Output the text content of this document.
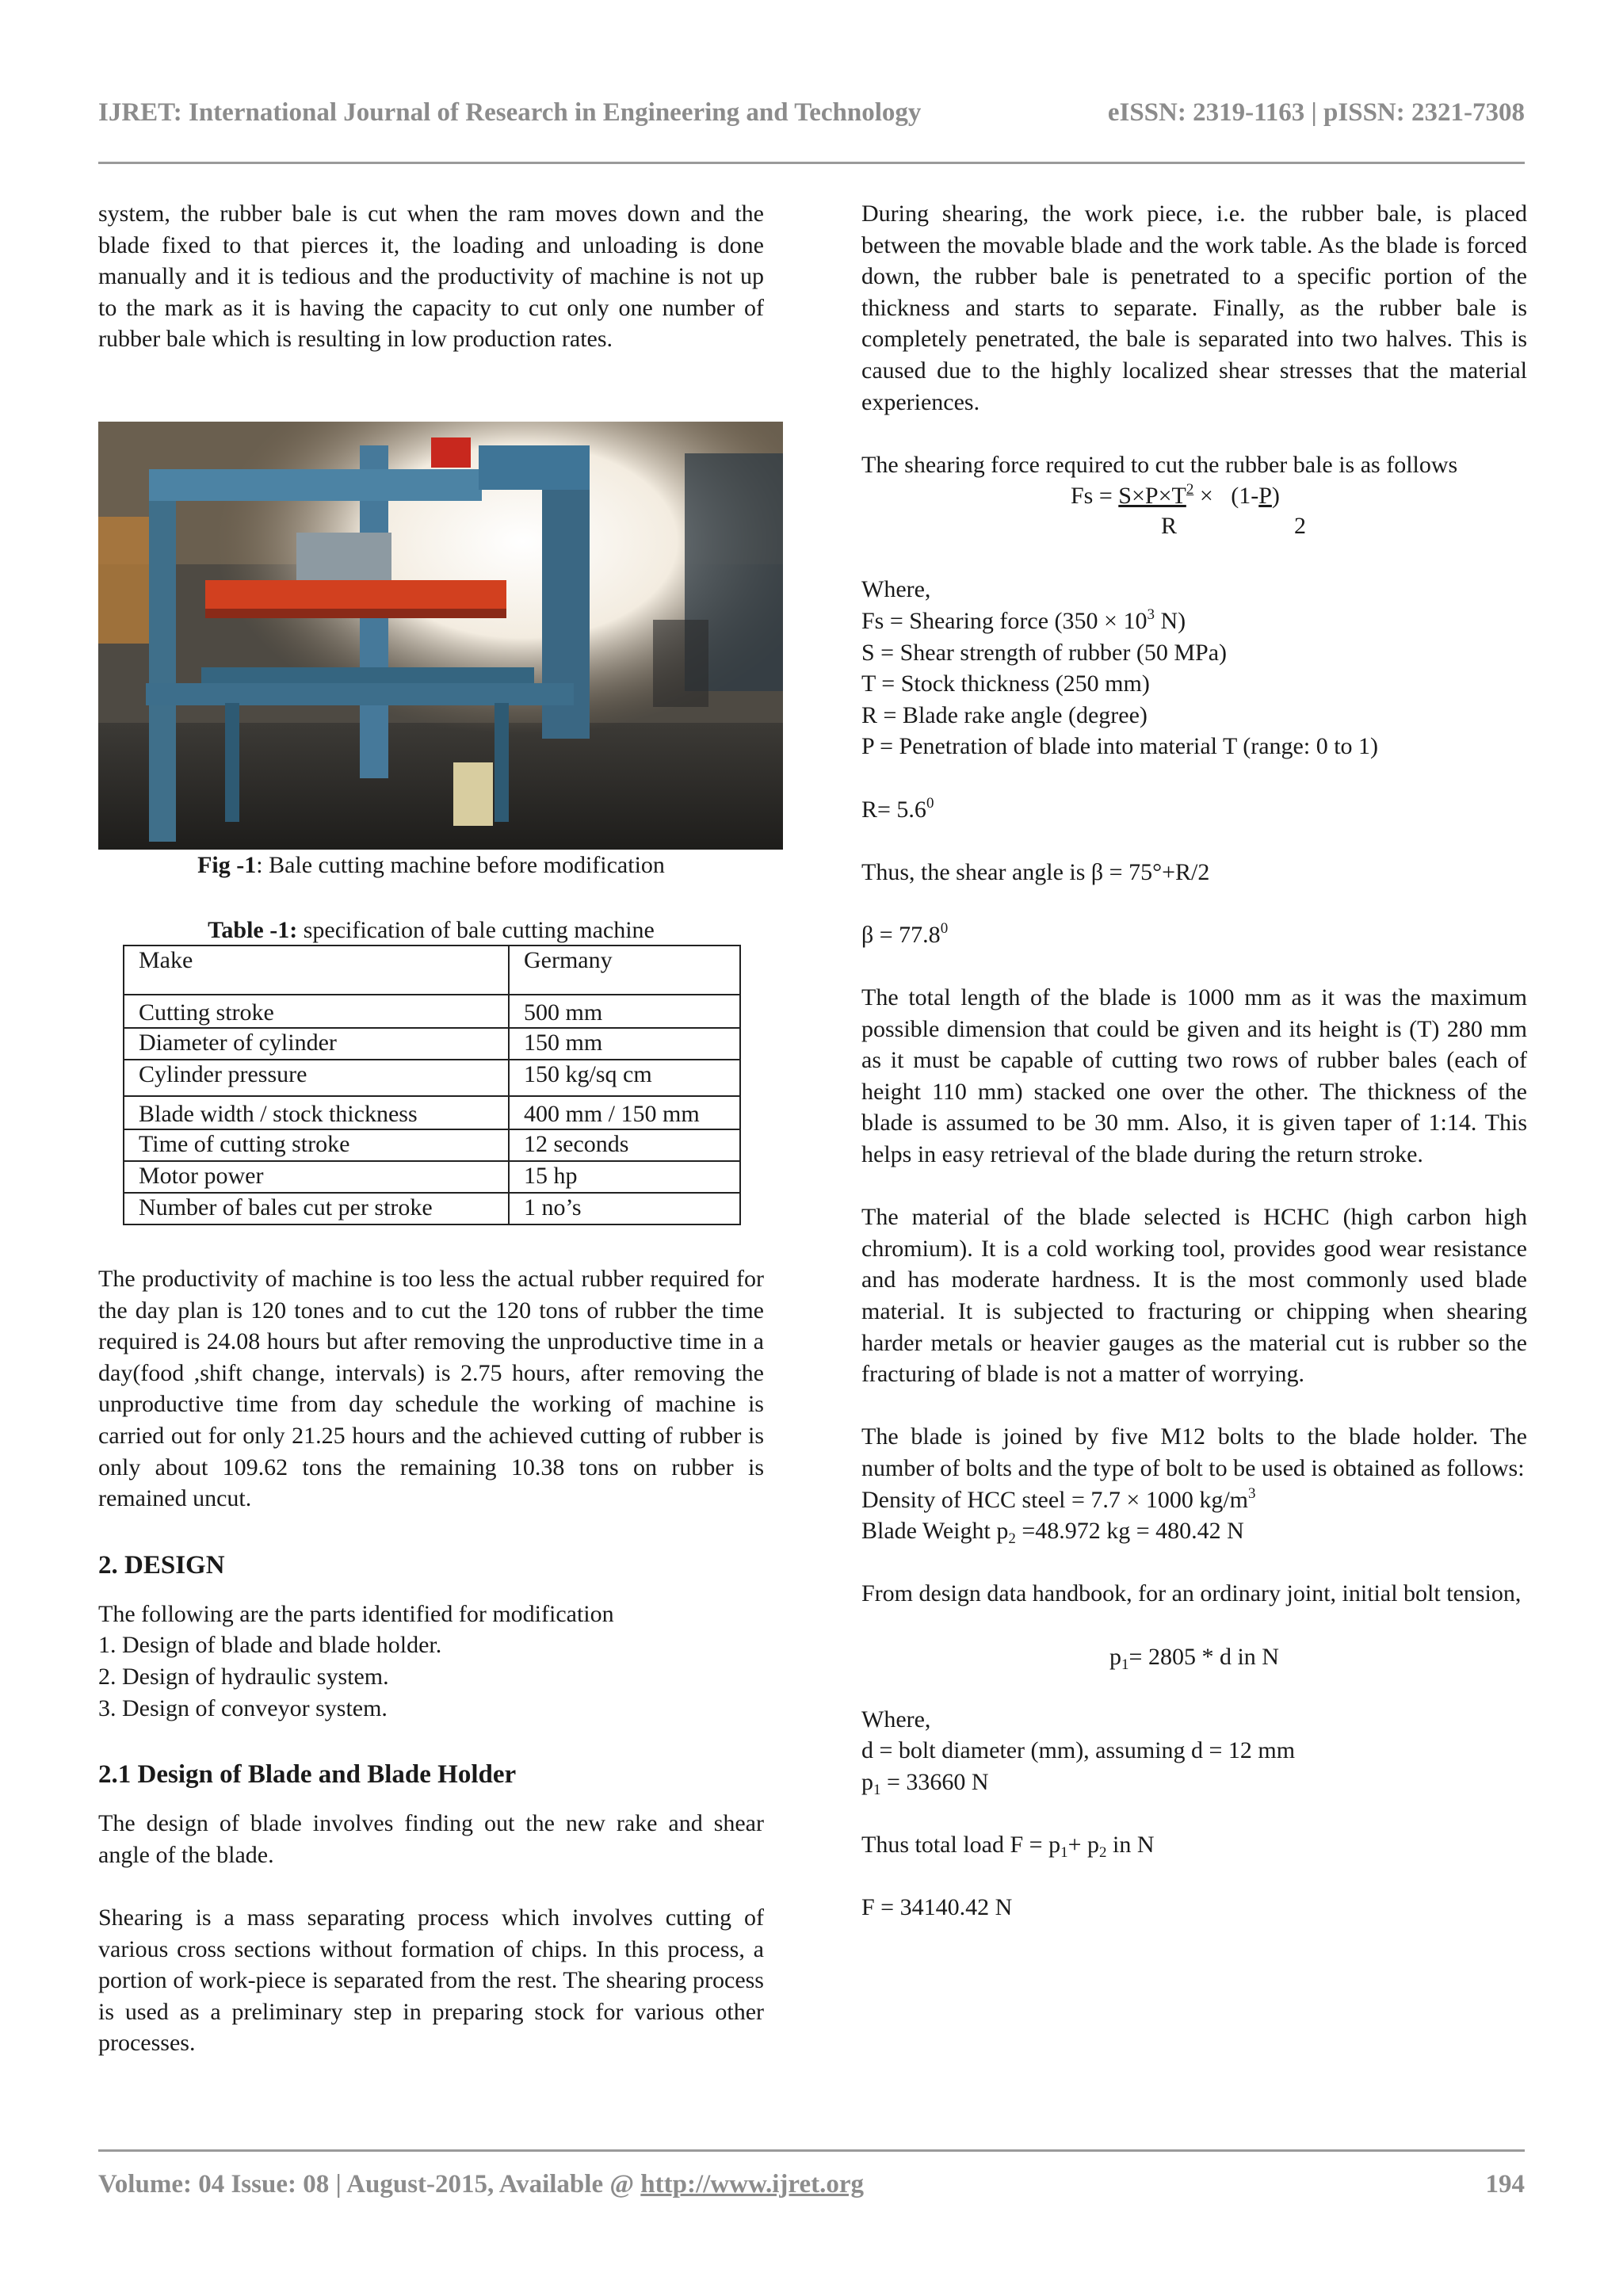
IJRET: International Journal of Research in Engineering and Technology	eISSN: 2319-1163 | pISSN: 2321-7308

system, the rubber bale is cut when the ram moves down and the blade fixed to that pierces it, the loading and unloading is done manually and it is tedious and the productivity of machine is not up to the mark as it is having the capacity to cut only one number of rubber bale which is resulting in low production rates.

Fig -1: Bale cutting machine before modification
Table -1: specification of bale cutting machine
Make	Germany
Cutting stroke	500 mm
Diameter of cylinder	150 mm
Cylinder pressure	150 kg/sq cm
Blade width / stock thickness	400 mm / 150 mm
Time of cutting stroke	12 seconds
Motor power	15 hp
Number of bales cut per stroke	1 no’s

The productivity of machine is too less the actual rubber required for the day plan is 120 tones and to cut the 120 tons of rubber the time required is 24.08 hours but after removing the unproductive time in a day(food ,shift change, intervals) is 2.75 hours, after removing the unproductive time from day schedule the working of machine is carried out for only 21.25 hours and the achieved cutting of rubber is only about 109.62 tons the remaining 10.38 tons on rubber is remained uncut.

2. DESIGN

The following are the parts identified for modification

1. Design of blade and blade holder.

2. Design of hydraulic system.

3. Design of conveyor system.

2.1 Design of Blade and Blade Holder

The design of blade involves finding out the new rake and shear angle of the blade.

Shearing is a mass separating process which involves cutting of various cross sections without formation of chips. In this process, a portion of work-piece is separated from the rest. The shearing process is used as a preliminary step in preparing stock for various other processes.

During shearing, the work piece, i.e. the rubber bale, is placed between the movable blade and the work table. As the blade is forced down, the rubber bale is penetrated to a specific portion of the thickness and starts to separate. Finally, as the rubber bale is completely penetrated, the bale is separated into two halves. This is caused due to the highly localized shear stresses that the material experiences.

The shearing force required to cut the rubber bale is as follows

$Fs = S\times P\times T^2 \times (1-P)$
R	2

Where,

Fs = Shearing force ($350 \times 10^3$ N)

S = Shear strength of rubber (50 MPa)

T = Stock thickness (250 mm)

R = Blade rake angle (degree)

P = Penetration of blade into material T (range: 0 to 1)

$R= 5.6^0$

Thus, the shear angle is β = 75°+R/2

$\beta = 77.8^0$

The total length of the blade is 1000 mm as it was the maximum possible dimension that could be given and its height is (T) 280 mm as it must be capable of cutting two rows of rubber bales (each of height 110 mm) stacked one over the other. The thickness of the blade is assumed to be 30 mm. Also, it is given taper of 1:14. This helps in easy retrieval of the blade during the return stroke.

The material of the blade selected is HCHC (high carbon high chromium). It is a cold working tool, provides good wear resistance and has moderate hardness. It is the most commonly used blade material. It is subjected to fracturing or chipping when shearing harder metals or heavier gauges as the material cut is rubber so the fracturing of blade is not a matter of worrying.

The blade is joined by five M12 bolts to the blade holder. The number of bolts and the type of bolt to be used is obtained as follows:

Density of HCC steel = 7.7 × 1000 $kg/m^3$

Blade Weight $p_2 =48.972$ kg = 480.42 N

From design data handbook, for an ordinary joint, initial bolt tension,

$p_1= 2805 * d$ in N

Where,

d = bolt diameter (mm), assuming d = 12 mm

$p_1 = 33660$ N

Thus total load $F = p_1+ p_2$ in N

F = 34140.42 N

Volume: 04 Issue: 08 | August-2015, Available @ http://www.ijret.org	194
